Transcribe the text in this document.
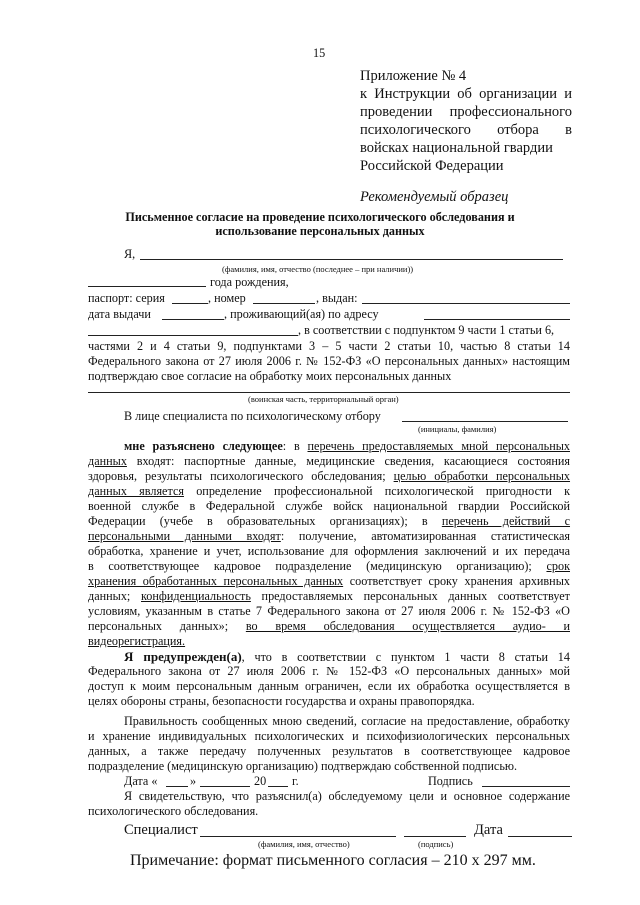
15
Приложение № 4
к Инструкции об организации и
проведении профессионального
психологического отбора в
войсках национальной гвардии
Российской Федерации
Рекомендуемый образец
Письменное согласие на проведение психологического обследования и
использование персональных данных
Я,
(фамилия, имя, отчество (последнее – при наличии))
года рождения,
паспорт: серия	, номер	, выдан:
дата выдачи	, проживающий(ая) по адресу
, в соответствии с подпунктом 9 части 1 статьи 6,
частями 2 и 4 статьи 9, подпунктами 3 – 5 части 2 статьи 10, частью 8 статьи 14
Федерального закона от 27 июля 2006 г. № 152-ФЗ «О персональных данных» настоящим
подтверждаю свое согласие на обработку моих персональных данных
(воинская часть, территориальный орган)
В лице специалиста по психологическому отбору
(инициалы, фамилия)
мне разъяснено следующее: в перечень предоставляемых мной персональных
данных входят: паспортные данные, медицинские сведения, касающиеся состояния
здоровья, результаты психологического обследования; целью обработки персональных
данных является определение профессиональной психологической пригодности к
военной службе в Федеральной службе войск национальной гвардии Российской
Федерации (учебе в образовательных организациях); в перечень действий с
персональными данными входят: получение, автоматизированная статистическая
обработка, хранение и учет, использование для оформления заключений и их передача
в соответствующее кадровое подразделение (медицинскую организацию); срок
хранения обработанных персональных данных соответствует сроку хранения архивных
данных; конфиденциальность предоставляемых персональных данных соответствует
условиям, указанным в статье 7 Федерального закона от 27 июля 2006 г. № 152-ФЗ «О
персональных данных»; во время обследования осуществляется аудио- и
видеорегистрация.
Я предупрежден(а), что в соответствии с пунктом 1 части 8 статьи 14
Федерального закона от 27 июля 2006 г. № 152-ФЗ «О персональных данных» мой
доступ к моим персональным данным ограничен, если их обработка осуществляется в
целях обороны страны, безопасности государства и охраны правопорядка.
Правильность сообщенных мною сведений, согласие на предоставление, обработку
и хранение индивидуальных психологических и психофизиологических персональных
данных, а также передачу полученных результатов в соответствующее кадровое
подразделение (медицинскую организацию) подтверждаю собственной подписью.
Дата «	»	20 г.	Подпись
Я свидетельствую, что разъяснил(а) обследуемому цели и основное содержание
психологического обследования.
Специалист	Дата
(фамилия, имя, отчество)	(подпись)
Примечание: формат письменного согласия – 210 х 297 мм.
